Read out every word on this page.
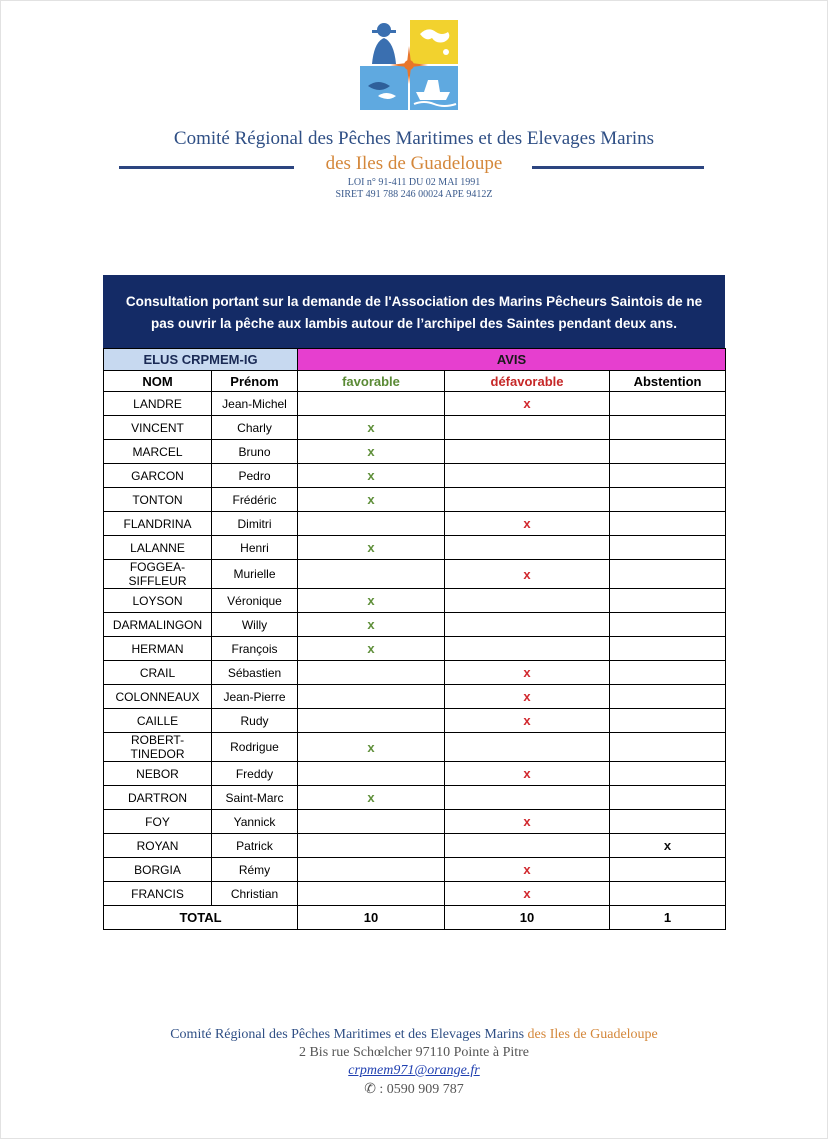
Comité Régional des Pêches Maritimes et des Elevages Marins
des Iles de Guadeloupe
LOI n° 91-411 DU 02 MAI 1991
SIRET 491 788 246 00024 APE 9412Z
Consultation portant sur la demande de l'Association des Marins Pêcheurs Saintois de ne
pas ouvrir la pêche aux lambis autour de l’archipel des Saintes pendant deux ans.
ELUS CRPMEM-IG		AVIS		
NOM	Prénom	favorable	défavorable	Abstention
LANDRE	Jean-Michel		x	
VINCENT	Charly	x		
MARCEL	Bruno	x		
GARCON	Pedro	x		
TONTON	Frédéric	x		
FLANDRINA	Dimitri		x	
LALANNE	Henri	x		
FOGGEA-SIFFLEUR	Murielle		x	
LOYSON	Véronique	x		
DARMALINGON	Willy	x		
HERMAN	François	x		
CRAIL	Sébastien		x	
COLONNEAUX	Jean-Pierre		x	
CAILLE	Rudy		x	
ROBERT-TINEDOR	Rodrigue	x		
NEBOR	Freddy		x	
DARTRON	Saint-Marc	x		
FOY	Yannick		x	
ROYAN	Patrick			x
BORGIA	Rémy		x	
FRANCIS	Christian		x	
TOTAL		10	10	1
Comité Régional des Pêches Maritimes et des Elevages Marins des Iles de Guadeloupe
2 Bis rue Schœlcher 97110 Pointe à Pitre
crpmem971@orange.fr
✆ : 0590 909 787
